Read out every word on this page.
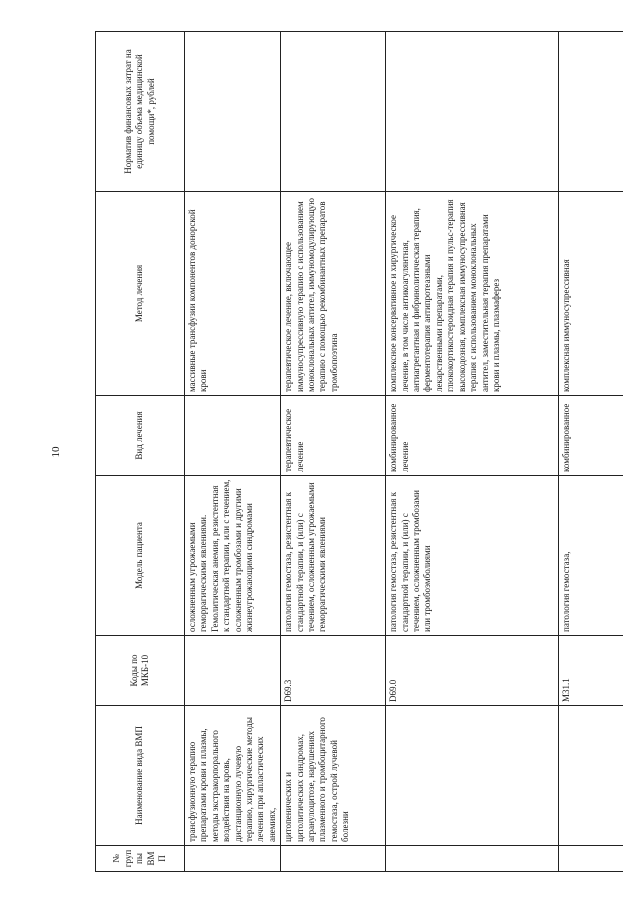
10
№ группы ВМП	Наименование вида ВМП	Коды по МКБ-10	Модель пациента	Вид лечения	Метод лечения	Норматив финансовых затрат на единицу объема медицинской помощи*, рублей
	трансфузионную терапию препаратами крови и плазмы, методы экстракорпорального воздействия на кровь, дистанционную лучевую терапию, хирургические методы лечения при апластических анемиях,		осложненным угрожаемыми геморрагическими явлениями. Гемолитическая анемия, резистентная к стандартной терапии, или с течением, осложненным тромбозами и другими жизнеугрожающими синдромами		массивные трансфузии компонентов донорской крови	
	цитопенических и цитолитических синдромах, агранулоцитозе, нарушениях плазменного и тромбоцитарного гемостаза, острой лучевой болезни	D69.3	патология гемостаза, резистентная к стандартной терапии, и (или) с течением, осложненным угрожаемыми геморрагическими явлениями	терапевтическое лечение	терапевтическое лечение, включающее иммуносупрессивную терапию с использованием моноклональных антител, иммуномодулирующую терапию с помощью рекомбинантных препаратов тромбопоэтина	
		D69.0	патология гемостаза, резистентная к стандартной терапии, и (или) с течением, осложненным тромбозами или тромбоэмболиями	комбинированное лечение	комплексное консервативное и хирургическое лечение, в том числе антикоагулянтная, антиагрегантная и фибринолитическая терапия, ферментотерапия антипротеазными лекарственными препаратами, глюкокортикостероидная терапия и пульс-терапия высокодозная, комплексная иммуносупрессивная терапия с использованием моноклональных антител, заместительная терапия препаратами крови и плазмы, плазмаферез	
		M31.1	патология гемостаза,	комбинированное	комплексная иммуносупрессивная	
